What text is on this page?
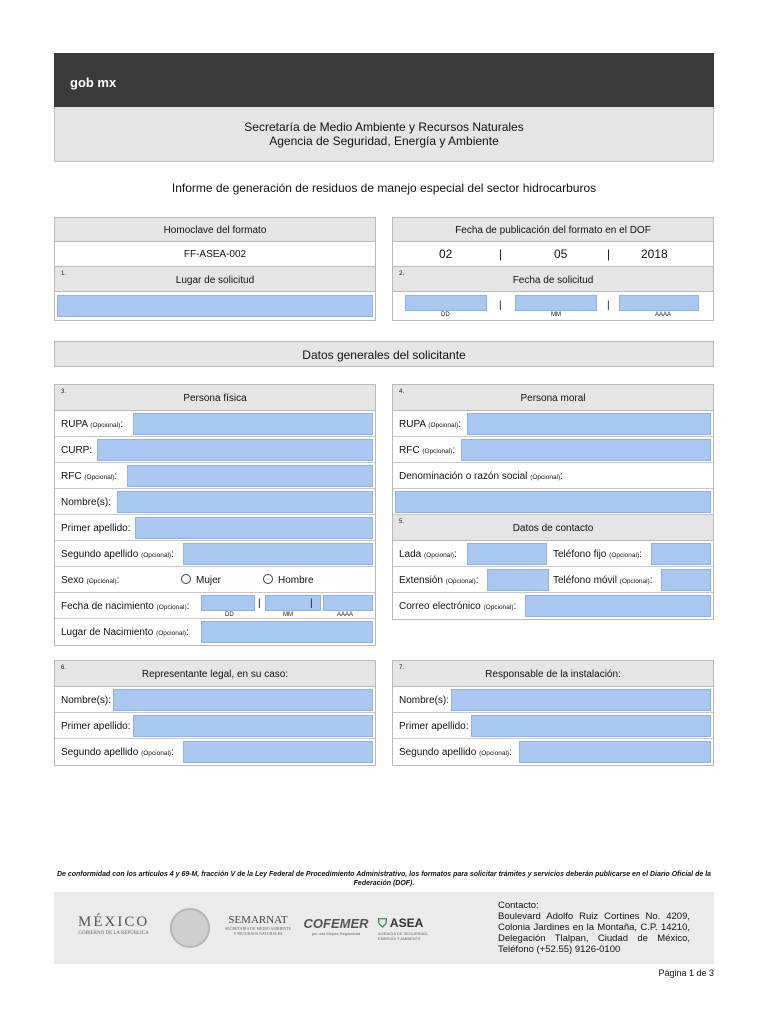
gob mx
Secretaría de Medio Ambiente y Recursos Naturales
Agencia de Seguridad, Energía y Ambiente
Informe de generación de residuos de manejo especial del sector hidrocarburos
Homoclave del formato
FF-ASEA-002
1.
Lugar de solicitud
Fecha de publicación del formato en el DOF
02	|	05	|	2018
2.
Fecha de solicitud
|	|
DD	MM	AAAA
Datos generales del solicitante
3.
Persona física
RUPA (Opcional):
CURP:
RFC (Opcional):
Nombre(s):
Primer apellido:
Segundo apellido (Opcional):
Sexo (Opcional):	Mujer	Hombre
Fecha de nacimiento (Opcional):	|	|
DD	MM	AAAA
Lugar de Nacimiento (Opcional):
4.
Persona moral
RUPA (Opcional):
RFC (Opcional):
Denominación o razón social (Opcional):
5.
Datos de contacto
Lada (Opcional):	Teléfono fijo (Opcional):
Extensión (Opcional):	Teléfono móvil (Opcional):
Correo electrónico (Opcional):
6.
Representante legal, en su caso:
Nombre(s):
Primer apellido:
Segundo apellido (Opcional):
7.
Responsable de la instalación:
Nombre(s):
Primer apellido:
Segundo apellido (Opcional):
De conformidad con los artículos 4 y 69-M, fracción V de la Ley Federal de Procedimiento Administrativo, los formatos para solicitar trámites y servicios deberán publicarse en el Diario Oficial de la Federación (DOF).
MÉXICO
GOBIERNO DE LA REPÚBLICA
SEMARNAT
SECRETARÍA DE MEDIO AMBIENTE Y RECURSOS NATURALES
COFEMER
por una Mejora Regulatoria
⛉ ASEA
AGENCIA DE SEGURIDAD, ENERGÍA Y AMBIENTE
Contacto:
Boulevard Adolfo Ruiz Cortines No. 4209, Colonia Jardines en la Montaña, C.P. 14210, Delegación Tlalpan, Ciudad de México, Teléfono (+52.55) 9126-0100
Página 1 de 3
